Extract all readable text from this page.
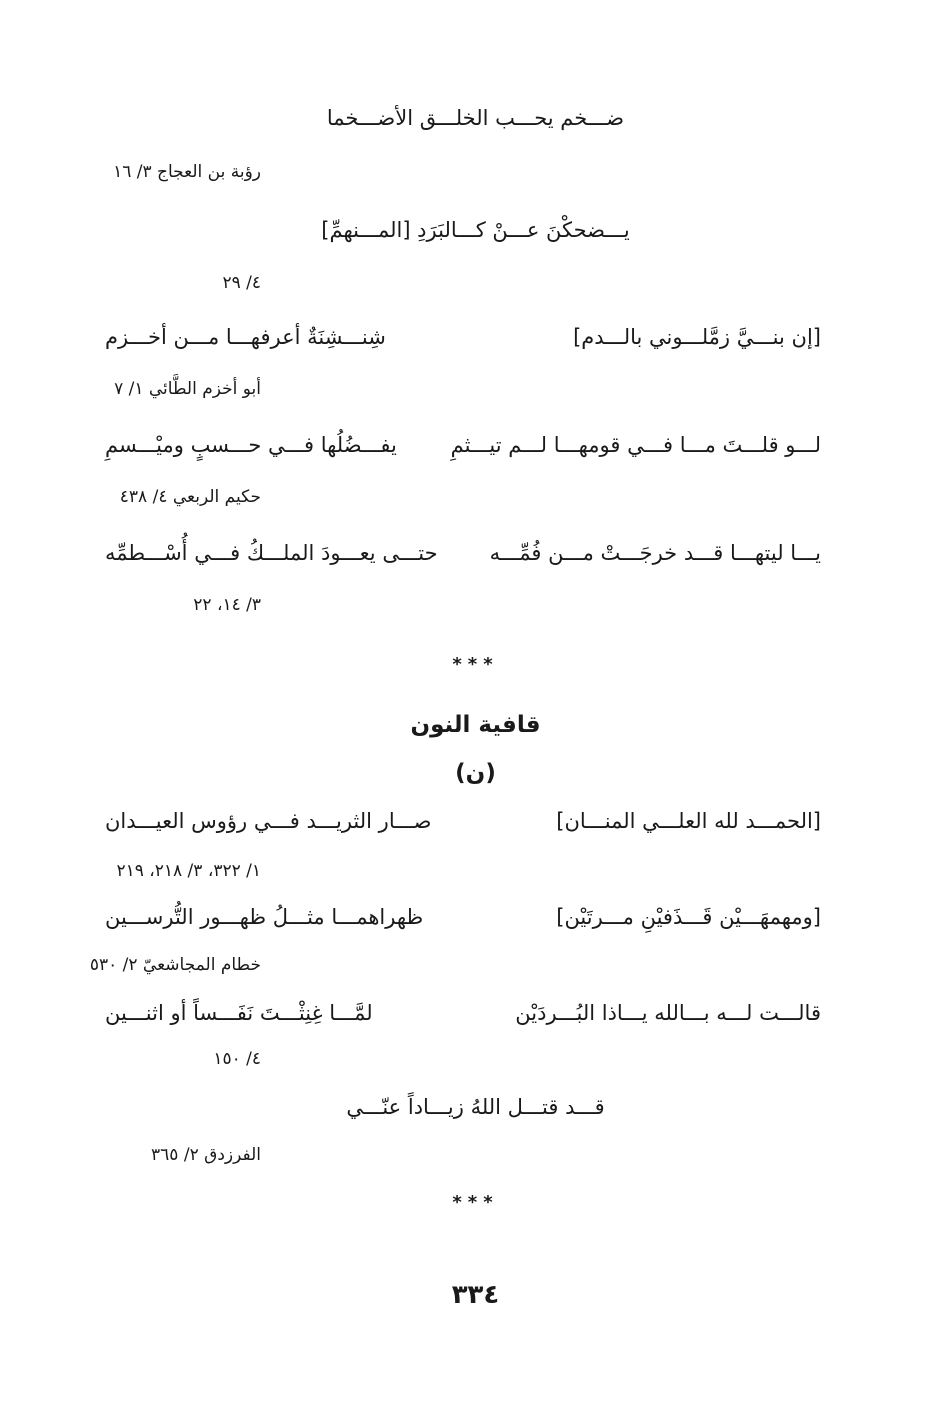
ضـــخم يحـــب الخلـــق الأضـــخما
رؤبة بن العجاج ٣/ ١٦
يـــضحكْنَ عـــنْ كـــالبَرَدِ [المـــنهمِّ]
٤/ ٢٩
[إن بنـــيَّ زمَّلـــوني بالـــدم]
شِنـــشِنَةٌ أعرفهـــا مـــن أخـــزم
أبو أخزم الطَّائي ١/ ٧
لـــو قلـــتَ مـــا فـــي قومهـــا لـــم تيـــثمِ
يفـــضُلُها فـــي حـــسبٍ وميْـــسمِ
حكيم الربعي ٤/ ٤٣٨
يـــا ليتهـــا قـــد خرجَـــتْ مـــن فُمِّـــه
حتـــى يعـــودَ الملـــكُ فـــي أُسْـــطمِّه
٣/ ١٤، ٢٢
***
قافية النون
(ن)
[الحمـــد لله العلـــي المنـــان]
صـــار الثريـــد فـــي رؤوس العيـــدان
١/ ٣٢٢، ٣/ ٢١٨، ٢١٩
[ومهمهَـــيْن قَـــذَفيْنِ مـــرتَيْن]
ظهراهمـــا مثـــلُ ظهـــور التُّرســـين
خطام المجاشعيّ ٢/ ٥٣٠
قالـــت لـــه بـــالله يـــاذا البُـــردَيْن
لمَّـــا غِنِثْـــتَ نَفَـــساً أو اثنـــين
٤/ ١٥٠
قـــد قتـــل اللهُ زيـــاداً عنّـــي
الفرزدق ٢/ ٣٦٥
***
٣٣٤
